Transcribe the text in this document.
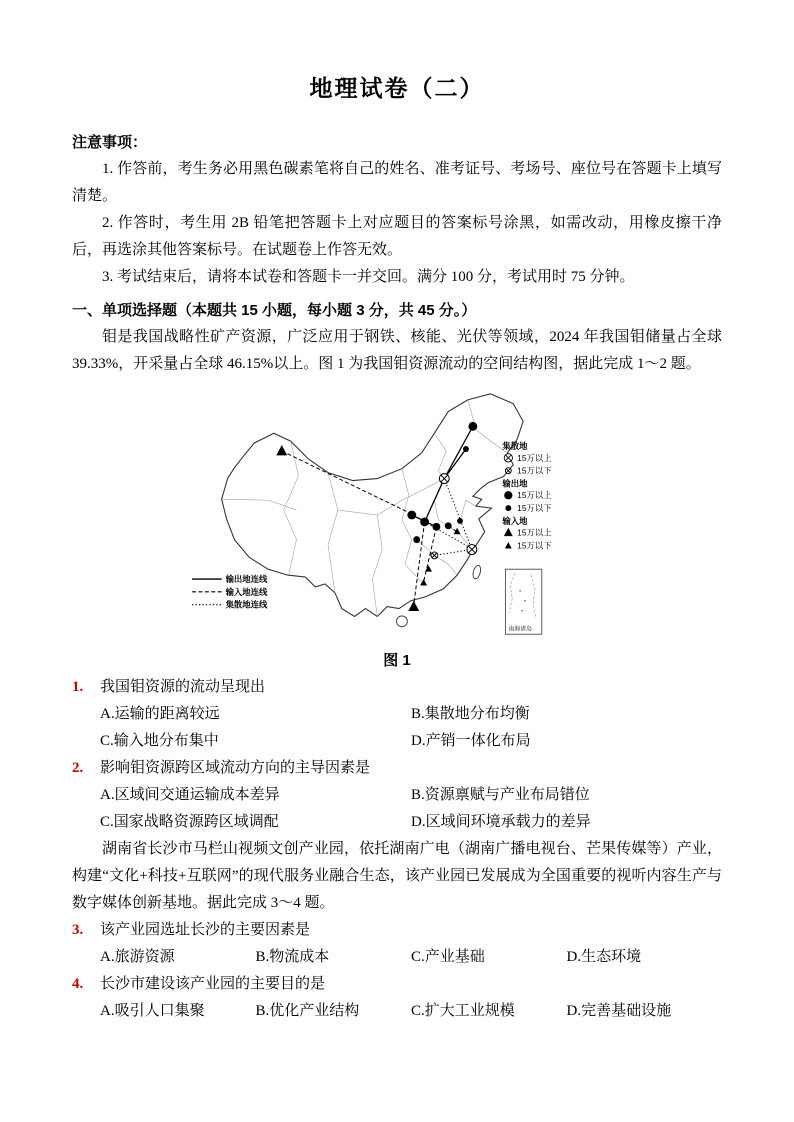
地理试卷（二）

注意事项：

1. 作答前，考生务必用黑色碳素笔将自己的姓名、准考证号、考场号、座位号在答题卡上填写清楚。

2. 作答时，考生用 2B 铅笔把答题卡上对应题目的答案标号涂黑，如需改动，用橡皮擦干净后，再选涂其他答案标号。在试题卷上作答无效。

3. 考试结束后，请将本试卷和答题卡一并交回。满分 100 分，考试用时 75 分钟。

一、单项选择题（本题共 15 小题，每小题 3 分，共 45 分。）

钼是我国战略性矿产资源，广泛应用于钢铁、核能、光伏等领域，2024 年我国钼储量占全球 39.33%，开采量占全球 46.15%以上。图 1 为我国钼资源流动的空间结构图，据此完成 1～2 题。

集散地
15万以上
15万以下
输出地
15万以上
15万以下
输入地
15万以上
15万以下
输出地连线
输入地连线
集散地连线
南海诸岛
图 1

1.	我国钼资源的流动呈现出

A.运输的距离较远	B.集散地分布均衡
C.输入地分布集中	D.产销一体化布局

2.	影响钼资源跨区域流动方向的主导因素是

A.区域间交通运输成本差异	B.资源禀赋与产业布局错位
C.国家战略资源跨区域调配	D.区域间环境承载力的差异

湖南省长沙市马栏山视频文创产业园，依托湖南广电（湖南广播电视台、芒果传媒等）产业，构建“文化+科技+互联网”的现代服务业融合生态，该产业园已发展成为全国重要的视听内容生产与数字媒体创新基地。据此完成 3～4 题。

3.	该产业园选址长沙的主要因素是

A.旅游资源	B.物流成本	C.产业基础	D.生态环境

4.	长沙市建设该产业园的主要目的是

A.吸引人口集聚	B.优化产业结构	C.扩大工业规模	D.完善基础设施
